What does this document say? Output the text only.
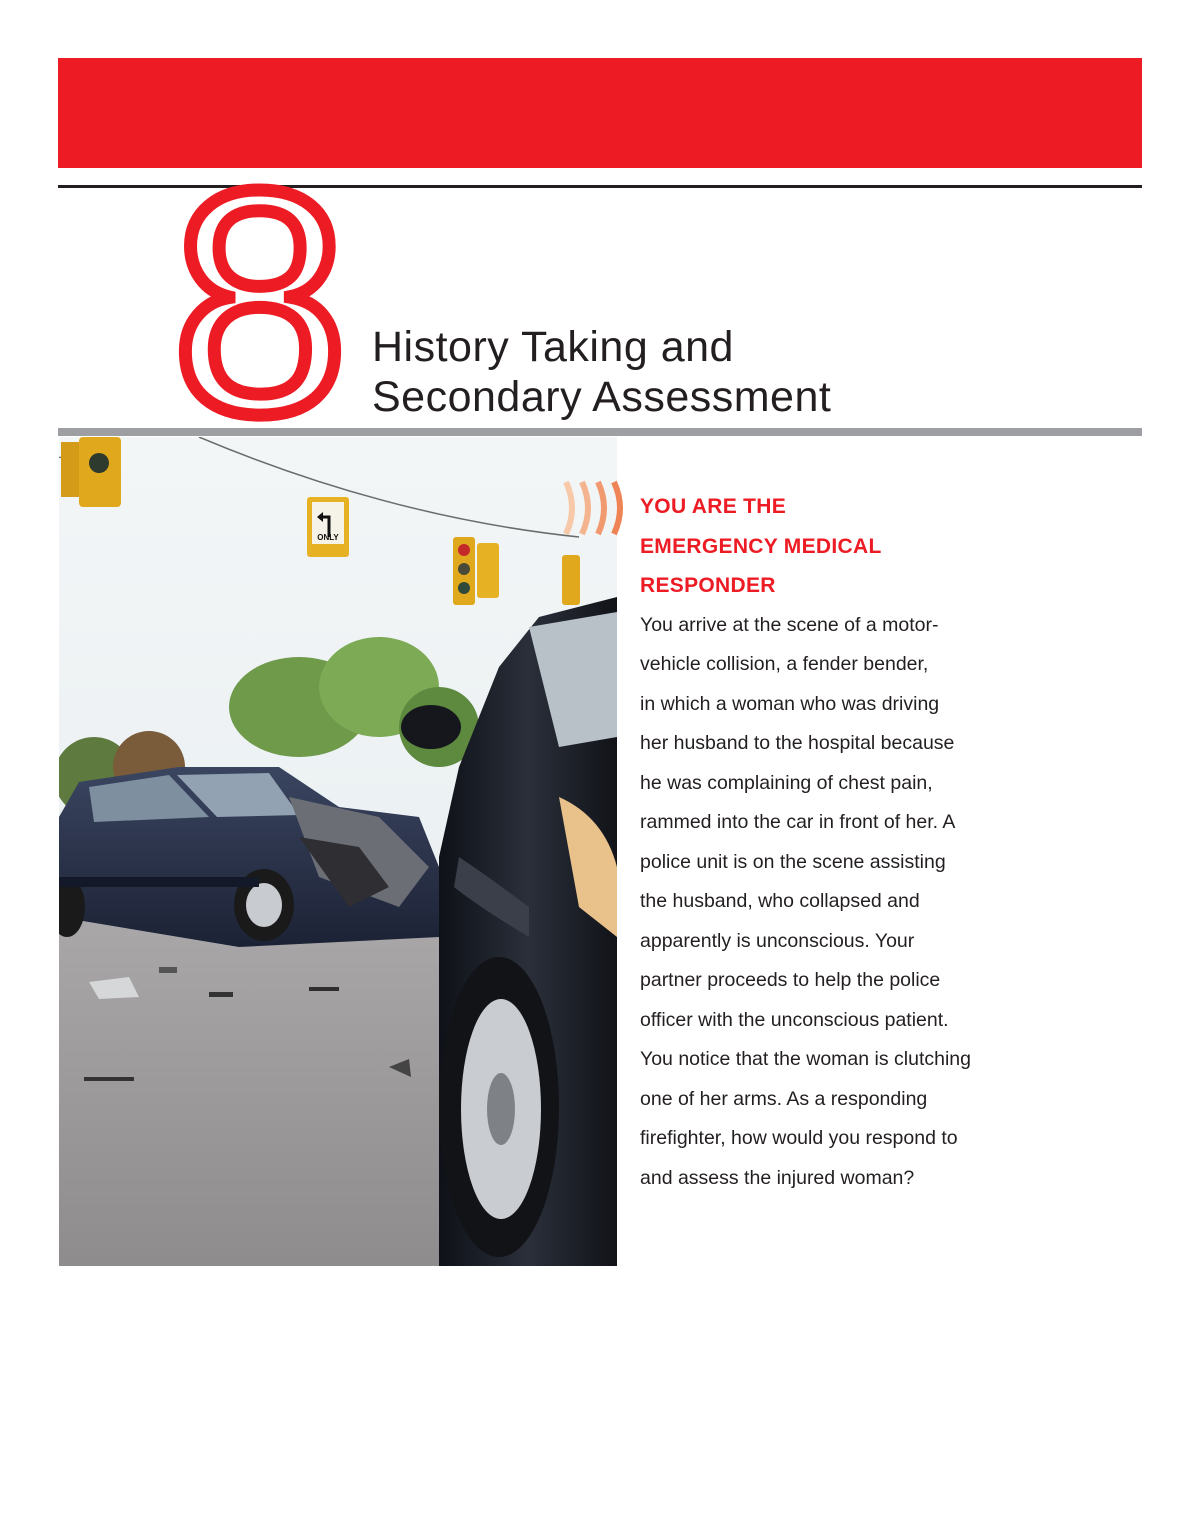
8 History Taking and
Secondary Assessment
ONLY
YOU ARE THE
EMERGENCY MEDICAL
RESPONDER
You arrive at the scene of a motor-
vehicle collision, a fender bender,
in which a woman who was driving
her husband to the hospital because
he was complaining of chest pain,
rammed into the car in front of her. A
police unit is on the scene assisting
the husband, who collapsed and
apparently is unconscious. Your
partner proceeds to help the police
officer with the unconscious patient.
You notice that the woman is clutching
one of her arms. As a responding
firefighter, how would you respond to
and assess the injured woman?
